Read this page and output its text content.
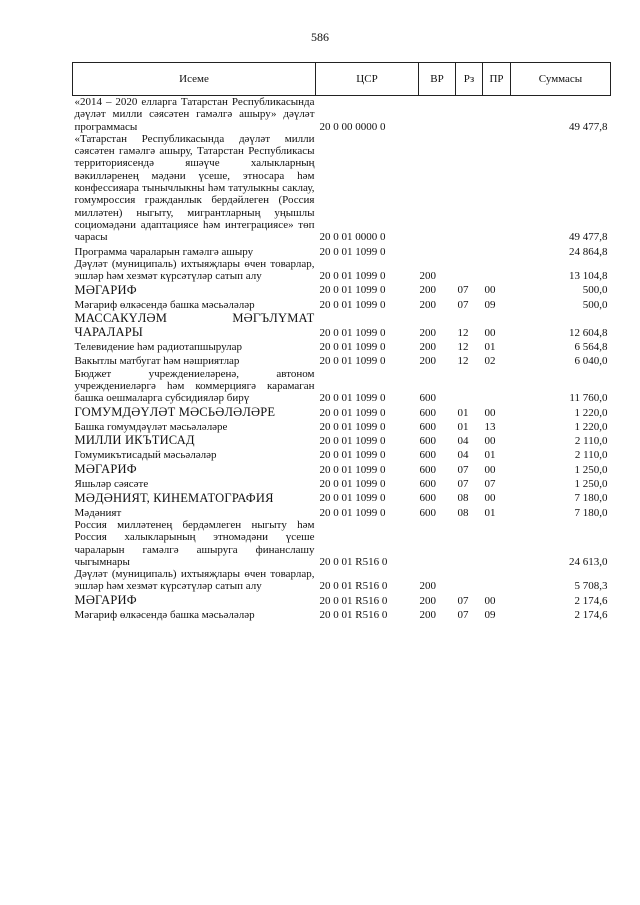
586
Исеме	ЦСР	ВР	Рз	ПР	Суммасы
«2014 – 2020 елларга Татарстан Республикасында дәүләт милли сәясәтен гамәлгә ашыру» дәүләт программасы	20 0 00 0000 0				49 477,8
«Татарстан Республикасында дәүләт милли сәясәтен гамәлгә ашыру, Татарстан Республикасы территориясендә яшәүче халыкларның вәкилләренең мәдәни үсеше, этносара һәм конфессияара тынычлыкны һәм татулыкны саклау, гомумроссия гражданлык бердәйлеген (Россия милләтен) ныгыту, мигрантларның уңышлы социомәдәни адаптациясе һәм интеграциясе» төп чарасы	20 0 01 0000 0				49 477,8
Программа чараларын гамәлгә ашыру	20 0 01 1099 0				24 864,8
Дәүләт (муниципаль) ихтыяҗлары өчен товарлар, эшләр һәм хезмәт күрсәтүләр сатып алу	20 0 01 1099 0	200			13 104,8
МӘГАРИФ	20 0 01 1099 0	200	07	00	500,0
Мәгариф өлкәсендә башка мәсьәләләр	20 0 01 1099 0	200	07	09	500,0
МАССАКҮЛӘМ МӘГЪЛҮМАТ ЧАРАЛАРЫ	20 0 01 1099 0	200	12	00	12 604,8
Телевидение һәм радиотапшырулар	20 0 01 1099 0	200	12	01	6 564,8
Вакытлы матбугат һәм нәшриятлар	20 0 01 1099 0	200	12	02	6 040,0
Бюджет учреждениеләренә, автоном учреждениеләргә һәм коммерциягә карамаган башка оешмаларга субсидияләр бирү	20 0 01 1099 0	600			11 760,0
ГОМУМДӘҮЛӘТ МӘСЬӘЛӘЛӘРЕ	20 0 01 1099 0	600	01	00	1 220,0
Башка гомумдәүләт мәсьәләләре	20 0 01 1099 0	600	01	13	1 220,0
МИЛЛИ ИКЪТИСАД	20 0 01 1099 0	600	04	00	2 110,0
Гомумикътисадый мәсьәләләр	20 0 01 1099 0	600	04	01	2 110,0
МӘГАРИФ	20 0 01 1099 0	600	07	00	1 250,0
Яшьләр сәясәте	20 0 01 1099 0	600	07	07	1 250,0
МӘДӘНИЯТ, КИНЕМАТОГРАФИЯ	20 0 01 1099 0	600	08	00	7 180,0
Мәдәният	20 0 01 1099 0	600	08	01	7 180,0
Россия милләтенең бердәмлеген ныгыту һәм Россия халыкларының этномәдәни үсеше чараларын гамәлгә ашыруга финанслашу чыгымнары	20 0 01 R516 0				24 613,0
Дәүләт (муниципаль) ихтыяҗлары өчен товарлар, эшләр һәм хезмәт күрсәтүләр сатып алу	20 0 01 R516 0	200			5 708,3
МӘГАРИФ	20 0 01 R516 0	200	07	00	2 174,6
Мәгариф өлкәсендә башка мәсьәләләр	20 0 01 R516 0	200	07	09	2 174,6
